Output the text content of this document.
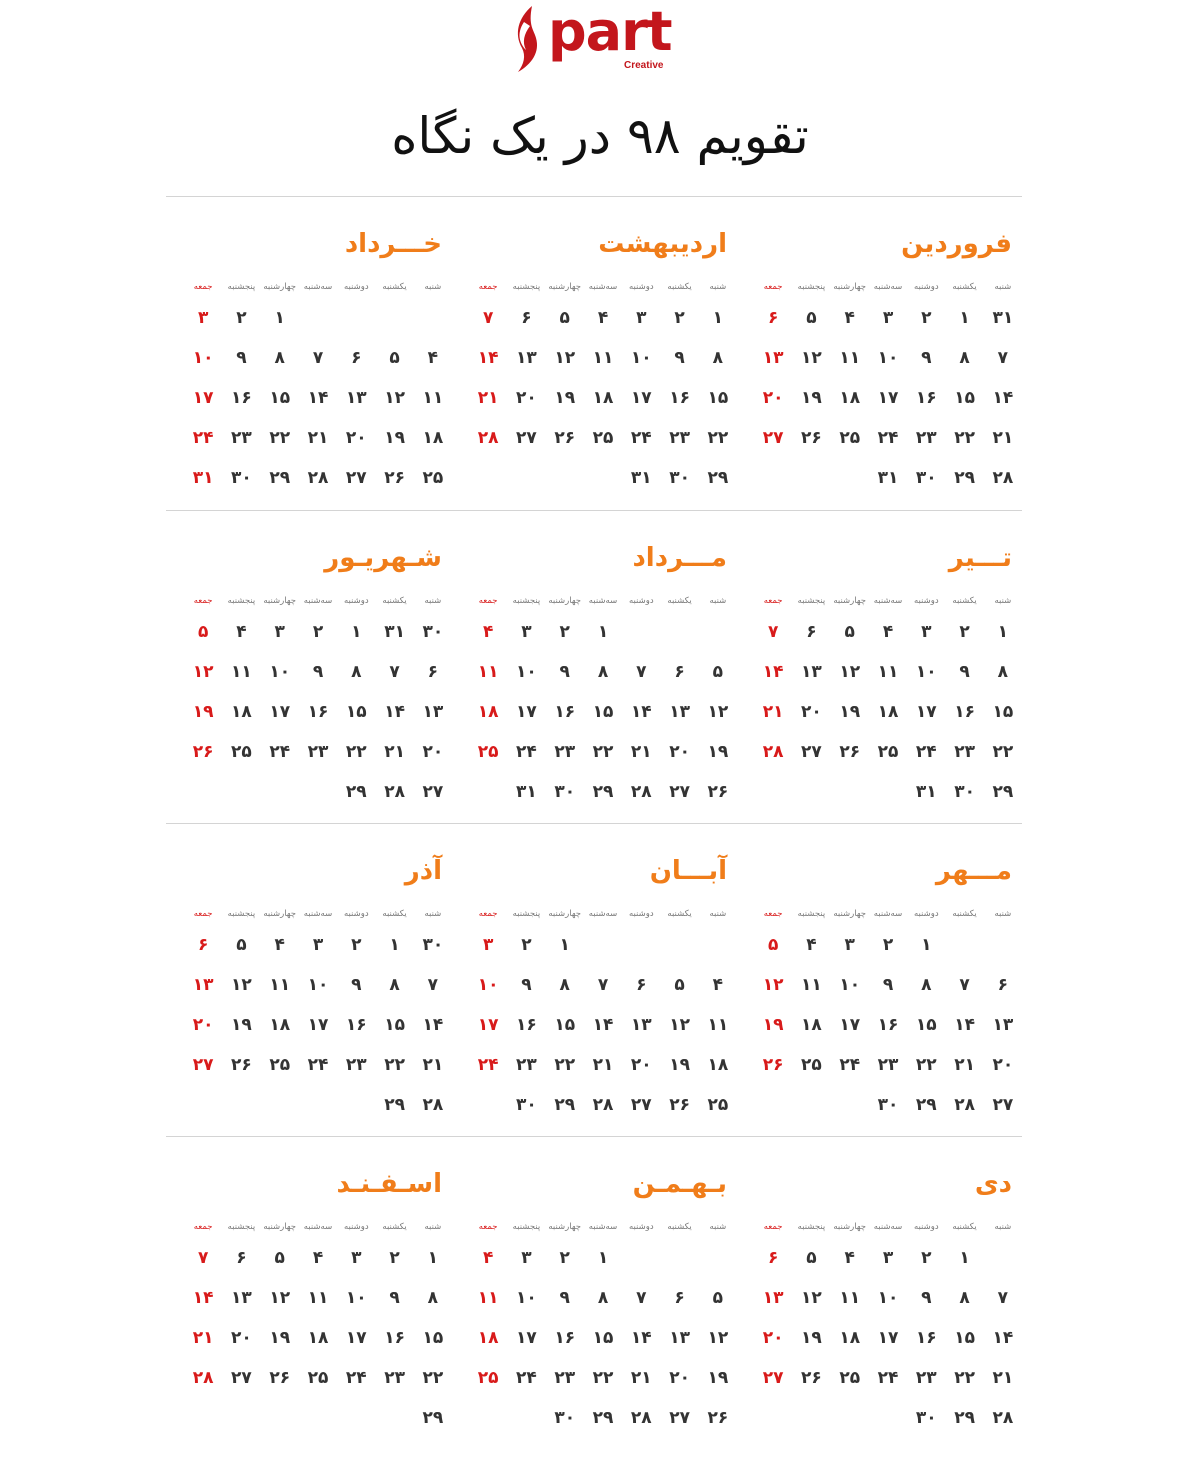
part
Creative
تقویم ۹۸ در یک نگاه
فروردین
شنبه
یکشنبه
دوشنبه
سه‌شنبه
چهارشنبه
پنجشنبه
جمعه
۳۱
۱
۲
۳
۴
۵
۶
۷
۸
۹
۱۰
۱۱
۱۲
۱۳
۱۴
۱۵
۱۶
۱۷
۱۸
۱۹
۲۰
۲۱
۲۲
۲۳
۲۴
۲۵
۲۶
۲۷
۲۸
۲۹
۳۰
۳۱
اردیبهشت
شنبه
یکشنبه
دوشنبه
سه‌شنبه
چهارشنبه
پنجشنبه
جمعه
۱
۲
۳
۴
۵
۶
۷
۸
۹
۱۰
۱۱
۱۲
۱۳
۱۴
۱۵
۱۶
۱۷
۱۸
۱۹
۲۰
۲۱
۲۲
۲۳
۲۴
۲۵
۲۶
۲۷
۲۸
۲۹
۳۰
۳۱
خـــرداد
شنبه
یکشنبه
دوشنبه
سه‌شنبه
چهارشنبه
پنجشنبه
جمعه
۱
۲
۳
۴
۵
۶
۷
۸
۹
۱۰
۱۱
۱۲
۱۳
۱۴
۱۵
۱۶
۱۷
۱۸
۱۹
۲۰
۲۱
۲۲
۲۳
۲۴
۲۵
۲۶
۲۷
۲۸
۲۹
۳۰
۳۱
تـــیر
شنبه
یکشنبه
دوشنبه
سه‌شنبه
چهارشنبه
پنجشنبه
جمعه
۱
۲
۳
۴
۵
۶
۷
۸
۹
۱۰
۱۱
۱۲
۱۳
۱۴
۱۵
۱۶
۱۷
۱۸
۱۹
۲۰
۲۱
۲۲
۲۳
۲۴
۲۵
۲۶
۲۷
۲۸
۲۹
۳۰
۳۱
مـــرداد
شنبه
یکشنبه
دوشنبه
سه‌شنبه
چهارشنبه
پنجشنبه
جمعه
۱
۲
۳
۴
۵
۶
۷
۸
۹
۱۰
۱۱
۱۲
۱۳
۱۴
۱۵
۱۶
۱۷
۱۸
۱۹
۲۰
۲۱
۲۲
۲۳
۲۴
۲۵
۲۶
۲۷
۲۸
۲۹
۳۰
۳۱
شـهریـور
شنبه
یکشنبه
دوشنبه
سه‌شنبه
چهارشنبه
پنجشنبه
جمعه
۳۰
۳۱
۱
۲
۳
۴
۵
۶
۷
۸
۹
۱۰
۱۱
۱۲
۱۳
۱۴
۱۵
۱۶
۱۷
۱۸
۱۹
۲۰
۲۱
۲۲
۲۳
۲۴
۲۵
۲۶
۲۷
۲۸
۲۹
مـــهر
شنبه
یکشنبه
دوشنبه
سه‌شنبه
چهارشنبه
پنجشنبه
جمعه
۱
۲
۳
۴
۵
۶
۷
۸
۹
۱۰
۱۱
۱۲
۱۳
۱۴
۱۵
۱۶
۱۷
۱۸
۱۹
۲۰
۲۱
۲۲
۲۳
۲۴
۲۵
۲۶
۲۷
۲۸
۲۹
۳۰
آبـــان
شنبه
یکشنبه
دوشنبه
سه‌شنبه
چهارشنبه
پنجشنبه
جمعه
۱
۲
۳
۴
۵
۶
۷
۸
۹
۱۰
۱۱
۱۲
۱۳
۱۴
۱۵
۱۶
۱۷
۱۸
۱۹
۲۰
۲۱
۲۲
۲۳
۲۴
۲۵
۲۶
۲۷
۲۸
۲۹
۳۰
آذر
شنبه
یکشنبه
دوشنبه
سه‌شنبه
چهارشنبه
پنجشنبه
جمعه
۳۰
۱
۲
۳
۴
۵
۶
۷
۸
۹
۱۰
۱۱
۱۲
۱۳
۱۴
۱۵
۱۶
۱۷
۱۸
۱۹
۲۰
۲۱
۲۲
۲۳
۲۴
۲۵
۲۶
۲۷
۲۸
۲۹
دی
شنبه
یکشنبه
دوشنبه
سه‌شنبه
چهارشنبه
پنجشنبه
جمعه
۱
۲
۳
۴
۵
۶
۷
۸
۹
۱۰
۱۱
۱۲
۱۳
۱۴
۱۵
۱۶
۱۷
۱۸
۱۹
۲۰
۲۱
۲۲
۲۳
۲۴
۲۵
۲۶
۲۷
۲۸
۲۹
۳۰
بـهـمـن
شنبه
یکشنبه
دوشنبه
سه‌شنبه
چهارشنبه
پنجشنبه
جمعه
۱
۲
۳
۴
۵
۶
۷
۸
۹
۱۰
۱۱
۱۲
۱۳
۱۴
۱۵
۱۶
۱۷
۱۸
۱۹
۲۰
۲۱
۲۲
۲۳
۲۴
۲۵
۲۶
۲۷
۲۸
۲۹
۳۰
اسـفـنـد
شنبه
یکشنبه
دوشنبه
سه‌شنبه
چهارشنبه
پنجشنبه
جمعه
۱
۲
۳
۴
۵
۶
۷
۸
۹
۱۰
۱۱
۱۲
۱۳
۱۴
۱۵
۱۶
۱۷
۱۸
۱۹
۲۰
۲۱
۲۲
۲۳
۲۴
۲۵
۲۶
۲۷
۲۸
۲۹
